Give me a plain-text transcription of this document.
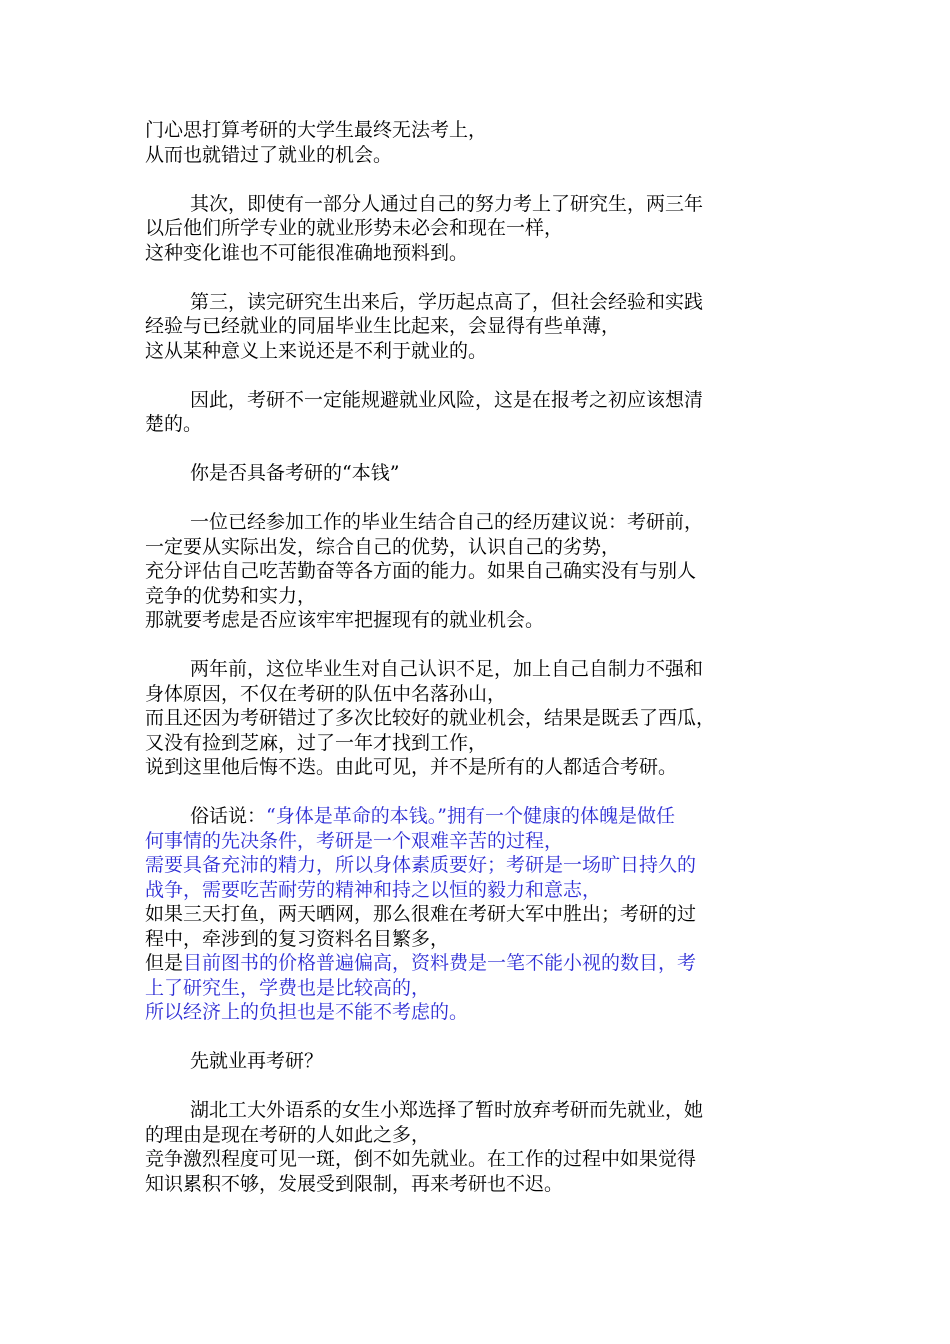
门心思打算考研的大学生最终无法考上，
从而也就错过了就业的机会。
其次，即使有一部分人通过自己的努力考上了研究生，两三年
以后他们所学专业的就业形势未必会和现在一样，
这种变化谁也不可能很准确地预料到。
第三，读完研究生出来后，学历起点高了，但社会经验和实践
经验与已经就业的同届毕业生比起来，会显得有些单薄，
这从某种意义上来说还是不利于就业的。
因此，考研不一定能规避就业风险，这是在报考之初应该想清
楚的。
你是否具备考研的“本钱”
一位已经参加工作的毕业生结合自己的经历建议说：考研前，
一定要从实际出发，综合自己的优势，认识自己的劣势，
充分评估自己吃苦勤奋等各方面的能力。如果自己确实没有与别人
竞争的优势和实力，
那就要考虑是否应该牢牢把握现有的就业机会。
两年前，这位毕业生对自己认识不足，加上自己自制力不强和
身体原因，不仅在考研的队伍中名落孙山，
而且还因为考研错过了多次比较好的就业机会，结果是既丢了西瓜，
又没有捡到芝麻，过了一年才找到工作，
说到这里他后悔不迭。由此可见，并不是所有的人都适合考研。
俗话说：“身体是革命的本钱。”拥有一个健康的体魄是做任
何事情的先决条件，考研是一个艰难辛苦的过程，
需要具备充沛的精力，所以身体素质要好；考研是一场旷日持久的
战争，需要吃苦耐劳的精神和持之以恒的毅力和意志，
如果三天打鱼，两天晒网，那么很难在考研大军中胜出；考研的过
程中，牵涉到的复习资料名目繁多，
但是目前图书的价格普遍偏高，资料费是一笔不能小视的数目，考
上了研究生，学费也是比较高的，
所以经济上的负担也是不能不考虑的。
先就业再考研？
湖北工大外语系的女生小郑选择了暂时放弃考研而先就业，她
的理由是现在考研的人如此之多，
竞争激烈程度可见一斑，倒不如先就业。在工作的过程中如果觉得
知识累积不够，发展受到限制，再来考研也不迟。
